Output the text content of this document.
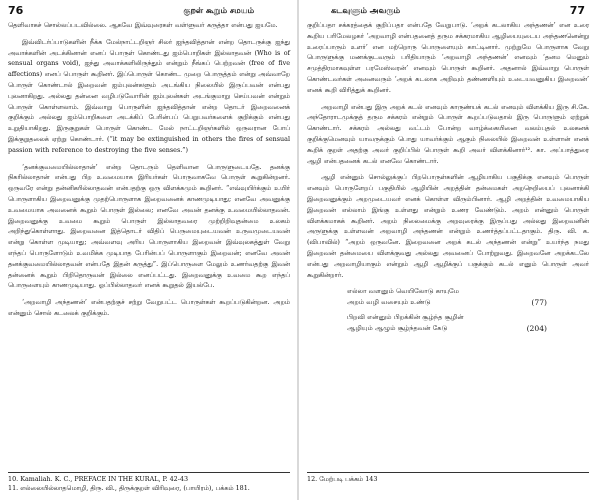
76	குறள் கூறும் சமயம்

தெளிவாகச் சொல்லப்படவில்லை. ஆகவே இவ்வுரைகள் வள்ளுவர் கருத்தா என்பது ஐயமே.

இவ்விடர்ப்பாடுகளின் நீக்க மேல்நாட்டறிஞர் சிலர் ஐந்தவித்தான் என்ற தொடருக்கு ஐந்து அவாக்களின் அடக்கினான் எனப் பொருள் கொண்டது ஐம்பொறிகள் இல்லாதவன் (Who is of sensual organs void), ஐந்து அவாக்களிலிருந்தும் என்றும் நீங்கப் பெற்றவன் (free of five affections) எனப் பொருள் கூறினர். இப்பொருள் கொண்ட முறை பொருத்தம் என்று அவ்வாறே பொருள் கொண்டால் இறைவன் ஐம்புலன்களும் அடங்கிய நிலையில் இருப்பவன் என்பது புலனாகிறது. அல்லது தன்னை வழிபடுவோரின் ஐம்புலன்கள் அடங்குமாறு செய்பவன் என்றும் பொருள் கொள்ளலாம். இவ்வாறு பொருளின் ஐந்தவித்தான் என்ற தொடர் இறைவனைக் குறிக்கும் அல்லது ஐம்பொறிகளை அடக்கிப் பேரின்பப் பெறுபவர்களைக் குறிக்கும் என்பது உறுதியாகிறது. இருகுறுகள் பொருள் கொண்ட மேல் நாட்டறிஞர்களில் ஒருவரான போப் இக்குறுதலைக் ஏற்று கொண்டார். (“it may be extinguished in others the fires of sensual passion with reference to destroying the five senses.”)

‘தனக்குவமையில்லாதான்’ என்ற தொடரும் தெளிவான பொருளுடையதே. தனக்கு நிகரில்லாதான் என்பது பிற உவமையாக இரியர்கள் பொருவாகவே பொருள் கூறுகின்றனர். ஒருவரே என்று தன்னிகரில்லாதவன் என்பதற்கு ஒரு விளக்கமும் கூறினர். “எவ்வுயிர்க்கும் உயிர் பொருளாகிய இறைவனுக்கு முதற்பொருளாக இறைவனைக் காணமுடியாது; எனவே அவனுக்கு உவமையாக அவனைக் கூறும் பொருள் இல்லை; எனவே அவன் தனக்கு உவமையில்லாதவன். இறைவனுக்கு உவமை கூறும் பொருள் இல்லாதவரை முற்றிறிவுதன்மை உலகம் அறிந்துகொள்ளாது. இறைவனை இத்தொடர் விதிப் பெருமையுடையவன் உருவமுடையவன் என்று கொள்ள முடியாது; அவ்வளவு அரிய பொருளாகிய இறைவன் இவ்வுலகத்துள் வேறு எந்தப் பொருளோடும் உவமிக்க முடியாத பேரின்பப் பொருளாகும் இறைவன்; எனவே அவன் தனக்குவமையில்லாதவன் என்பதே இதன் கருத்து”. இப்பொருளை மேலும் உணர்வதற்கு இவன் தன்னைக் கூறும் பிறிதொருவன் இல்லை எனப்பட்டது. இறைவனுக்கு உவமை கூற எந்தப் பொருளையும் காணமுடியாது. ஓப்பில்லாதவர் எனக் கூறுதல் இயல்பே.

‘அறவாழி அந்தணன்’ என்பதற்குச் சற்று வேறுபட்ட பொருள்கள் கூறப்படுகின்றன. அறம் என்னும் சொல் கடலைக் குறிக்கும்.

10. Kamaliah. K. C., PREFACE IN THE KURAL, P. 42-43
11. எல்லையில்லாதமொழி, திரு. வி., திருக்குறள் விரிவுரை, (பாயிரம்), பக்கம் 181.
கடவுளும் அவரும்	77

குறிப்பதா சக்கரத்தைக் குறிப்பதா என்பதே வேறுபாடு. ‘அறக் கடலாகிய அந்தணன்’ என உரை கூறிய பரிமேலழகர் ‘அறவாழி என்பதனைத் தரும சக்கரமாகிய ஆழியையுடைய அந்தணனென்று உரைப்பாரும் உளர்’ என மற்றொரு பொருளையும் காட்டினார். முற்றுமே பொருளாக வேறு பொருளுக்கு மணக்குடவரும் பரிதியாரும் ‘அறவாழி அந்தணன்’ எனவும் ‘தனம மெனும் சமுத்திரமாகவுள்ள பரமேஸ்வரன்’ எனவும் பொருள் கூறினர். அதனால் இவ்வாறு பொருள் கொண்டவர்கள் அனைவரும் ‘அறக் கடலாக அறிவும் தண்ணளியும் உடையவனுகிய இறைவன்’ எனக் கூறி விரித்துக் கூறினர்.

அறவாழி என்பது இரு அறக் கடல் எனவும் காருண்யக் கடல் எனவும் விளக்கிய இரு சி.கே. அந்தோராடமுக்குத் தரும சக்கரம் என்றும் பொருள் கூறப்படுவதால் இரு பொருளும் ஏற்றுக் கொண்டார். சக்கரம் அல்லது வட்டம் போன்ற வாழ்க்கையினை வலம்புதல் உலகனக் குறிக்குமெனவும் யாவருக்கும் பொது யாவர்க்கும் ஆகும் நிலையில் இறைவன் உள்ளான் எனக் கூறிக் குறள் அதற்கு அவர் குறிப்பில் பொருள் கூறி அவர் விளக்கினார்¹². கா. அப்பாத்துரை ஆழி என்பதனைக் கடல் எனவே கொண்டார்.

ஆழி என்னும் சொல்லுக்குப் பிறபொருள்களின் ஆழியாகிய பகுதிக்கு எனவும் பொருள் எனவும் பொருளேறப் பகுதியில் ஆழியின் அறத்தின் தன்மைகள் அறநெறியைப் புலனாக்கி இறைவனுக்கும் அறமுடையவர் எனக் கொள்ள விரும்பினார். ஆழி அறத்தின் உவமையாகிய இறைவன் எல்லாம் இங்கு உள்ளது என்றும் உணர வேண்டும். அறம் என்னும் பொருள் விளக்கமாகக் கூறினர். அறம் நிலைமைக்கு அறவுரைக்கு இருப்பது அல்லது இறைவனின் அருளுக்கு உள்ளவன் அறவாழி அந்தணன் என்றும் உணர்த்தப்பட்டதாகும். திரு. வி. க. (விபாவில்) “அறம் ஒருவனே. இறைவனை அறக் கடல் அந்தணன் என்று” உயர்ந்த நமது இறைவன் தன்மையை விளக்குவது அல்லது அவனைப் போற்றுவது. இறைவனே அறக்கடலே என்பது அறவாழியாகும் என்றும் ஆழி ஆழிக்குப் பகுக்கும் கடல் எனும் பொருள் அவர் கூறுகின்றார்.

எல்லா வளனும் வெயிலோடு காயுமே
அறம் வழி வசையும் உண்டு	(77)
பிறவி என்னும் பிறக்கின் சூழ்ந்த சூழின்
ஆழியும் ஆழும் சூழ்ந்தவன் கேடு	(204)
12. மேற்படி பக்கம் 143
